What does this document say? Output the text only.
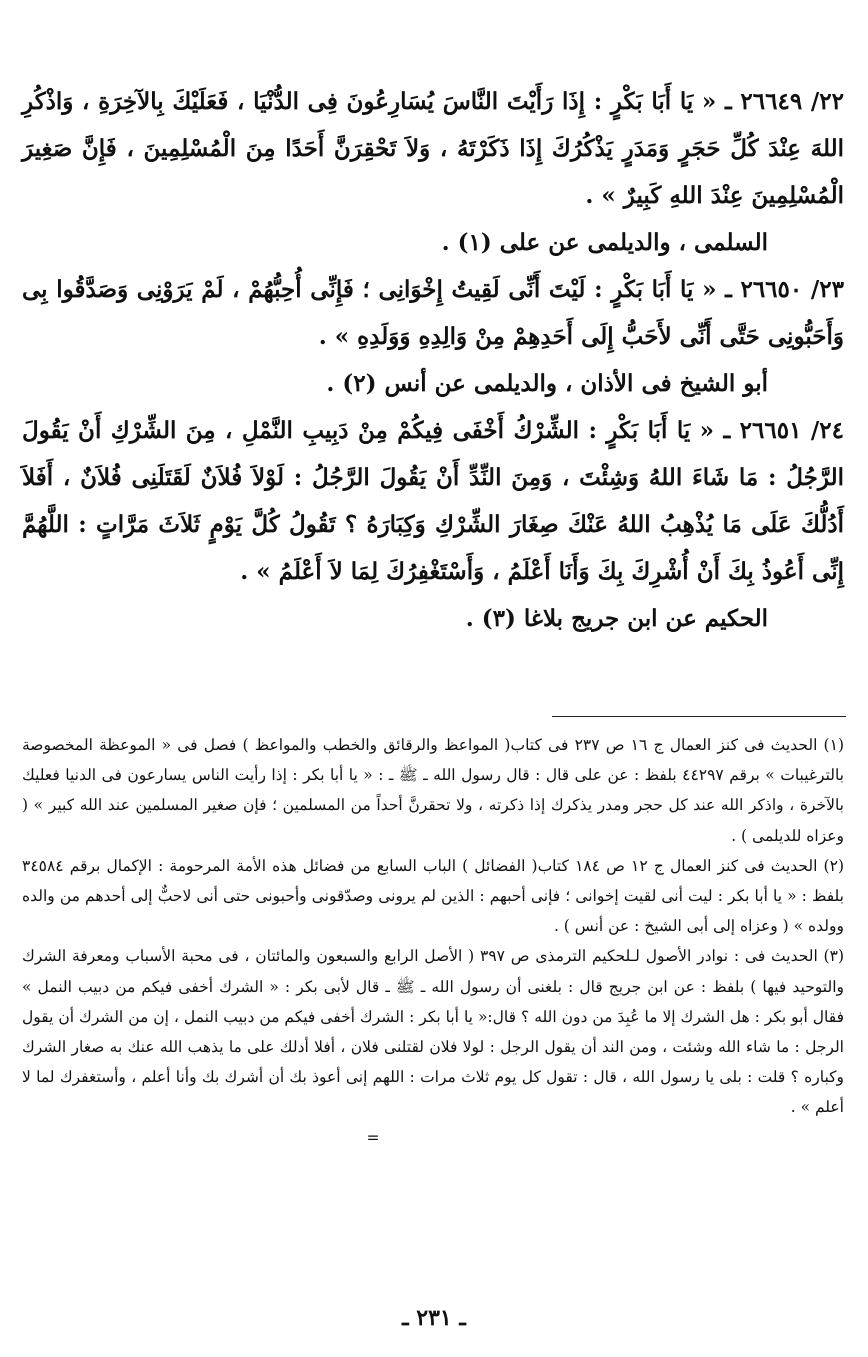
٢٢/ ٢٦٦٤٩ ـ « يَا أَبَا بَكْرٍ : إِذَا رَأَيْتَ النَّاسَ يُسَارِعُونَ فِى الدُّنْيَا ، فَعَلَيْكَ بِالآخِرَةِ ، وَاذْكُرِ اللهَ عِنْدَ كُلِّ حَجَرٍ وَمَدَرٍ يَذْكُرُكَ إِذَا ذَكَرْتَهُ ، وَلاَ تَحْقِرَنَّ أَحَدًا مِنَ الْمُسْلِمِينَ ، فَإِنَّ صَغِيرَ الْمُسْلِمِينَ عِنْدَ اللهِ كَبِيرٌ » .

السلمى ، والديلمى عن على (١) .

٢٣/ ٢٦٦٥٠ ـ « يَا أَبَا بَكْرٍ : لَيْتَ أَنِّى لَقِيتُ إِخْوَانِى ؛ فَإِنِّى أُحِبُّهُمْ ، لَمْ يَرَوْنِى وَصَدَّقُوا بِى وَأَحَبُّونِى حَتَّى أَنِّى لأَحَبُّ إِلَى أَحَدِهِمْ مِنْ وَالِدِهِ وَوَلَدِهِ » .

أبو الشيخ فى الأذان ، والديلمى عن أنس (٢) .

٢٤/ ٢٦٦٥١ ـ « يَا أَبَا بَكْرٍ : الشِّرْكُ أَخْفَى فِيكُمْ مِنْ دَبِيبِ النَّمْلِ ، مِنَ الشِّرْكِ أَنْ يَقُولَ الرَّجُلُ : مَا شَاءَ اللهُ وَشِئْتَ ، وَمِنَ النِّدِّ أَنْ يَقُولَ الرَّجُلُ : لَوْلاَ فُلاَنٌ لَقَتَلَنِى فُلاَنٌ ، أَفَلاَ أَدُلُّكَ عَلَى مَا يُذْهِبُ اللهُ عَنْكَ صِغَارَ الشِّرْكِ وَكِبَارَهُ ؟ تَقُولُ كُلَّ يَوْمٍ ثَلاَثَ مَرَّاتٍ : اللَّهُمَّ إِنِّى أَعُوذُ بِكَ أَنْ أُشْرِكَ بِكَ وَأَنَا أَعْلَمُ ، وَأَسْتَغْفِرُكَ لِمَا لاَ أَعْلَمُ » .

الحكيم عن ابن جريج بلاغا (٣) .

(١) الحديث فى كنز العمال ج ١٦ ص ٢٣٧ فى كتاب( المواعظ والرقائق والخطب والمواعظ ) فصل فى « الموعظة المخصوصة بالترغيبات » برقم ٤٤٢٩٧ بلفظ : عن على قال : قال رسول الله ـ ﷺ ـ : « يا أبا بكر : إذا رأيت الناس يسارعون فى الدنيا فعليك بالآخرة ، واذكر الله عند كل حجر ومدر يذكرك إذا ذكرته ، ولا تحقرنَّ أحداً من المسلمين ؛ فإن صغير المسلمين عند الله كبير » ( وعزاه للديلمى ) .

(٢) الحديث فى كنز العمال ج ١٢ ص ١٨٤ كتاب( الفضائل ) الباب السابع من فضائل هذه الأمة المرحومة : الإكمال برقم ٣٤٥٨٤ بلفظ : « يا أبا بكر : ليت أنى لقيت إخوانى ؛ فإنى أحبهم : الذين لم يرونى وصدّقونى وأحبونى حتى أنى لاحبٌّ إلى أحدهم من والده وولده » ( وعزاه إلى أبى الشيخ : عن أنس ) .

(٣) الحديث فى : نوادر الأصول لـلحكيم الترمذى ص ٣٩٧ ( الأصل الرابع والسبعون والمائتان ، فى محبة الأسباب ومعرفة الشرك والتوحيد فيها ) بلفظ : عن ابن جريج قال : بلغنى أن رسول الله ـ ﷺ ـ قال لأبى بكر : « الشرك أخفى فيكم من دبيب النمل » فقال أبو بكر : هل الشرك إلا ما عُبِدَ من دون الله ؟ قال:« يا أبا بكر : الشرك أخفى فيكم من دبيب النمل ، إن من الشرك أن يقول الرجل : ما شاء الله وشئت ، ومن الند أن يقول الرجل : لولا فلان لقتلنى فلان ، أفلا أدلك على ما يذهب الله عنك به صغار الشرك وكباره ؟ قلت : بلى يا رسول الله ، قال : تقول كل يوم ثلاث مرات : اللهم إنى أعوذ بك أن أشرك بك وأنا أعلم ، وأستغفرك لما لا أعلم » .

=

ـ ٢٣١ ـ
